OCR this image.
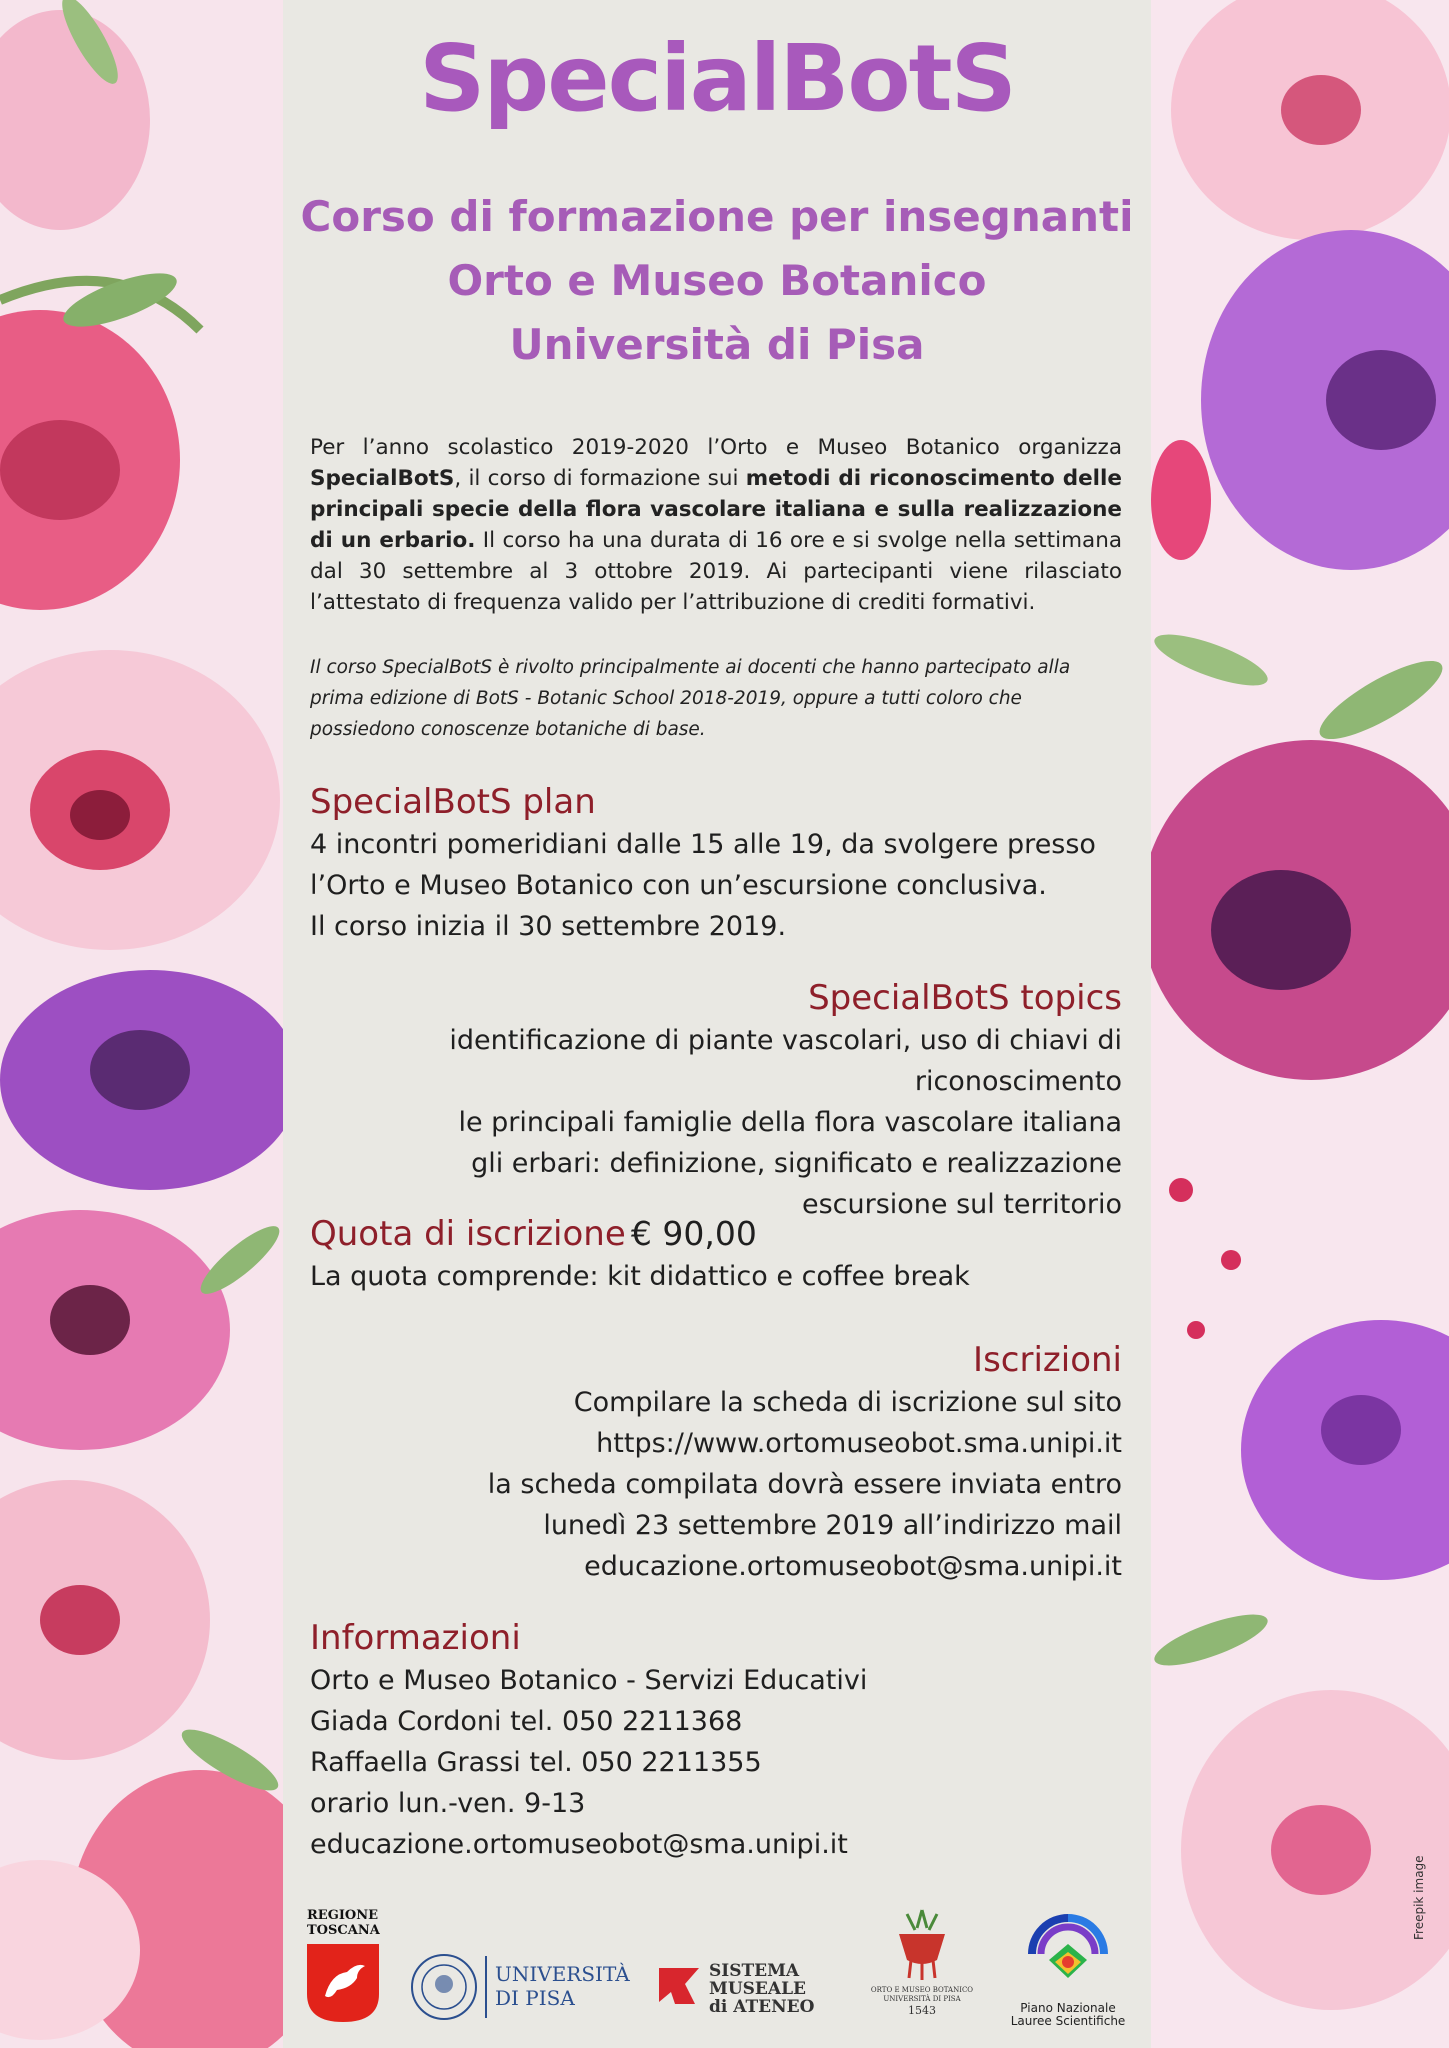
SpecialBotS
Corso di formazione per insegnanti
Orto e Museo Botanico
Università di Pisa
Per l’anno scolastico 2019-2020 l’Orto e Museo Botanico organizza SpecialBotS, il corso di formazione sui metodi di riconoscimento delle principali specie della flora vascolare italiana e sulla realizzazione di un erbario. Il corso ha una durata di 16 ore e si svolge nella settimana dal 30 settembre al 3 ottobre 2019. Ai partecipanti viene rilasciato l’attestato di frequenza valido per l’attribuzione di crediti formativi.
Il corso SpecialBotS è rivolto principalmente ai docenti che hanno partecipato alla prima edizione di BotS - Botanic School 2018-2019, oppure a tutti coloro che possiedono conoscenze botaniche di base.
SpecialBotS plan
4 incontri pomeridiani dalle 15 alle 19, da svolgere presso
l’Orto e Museo Botanico con un’escursione conclusiva.
Il corso inizia il 30 settembre 2019.
SpecialBotS topics
identificazione di piante vascolari, uso di chiavi di riconoscimento
le principali famiglie della flora vascolare italiana
gli erbari: definizione, significato e realizzazione
escursione sul territorio
Quota di iscrizione € 90,00
La quota comprende: kit didattico e coffee break
Iscrizioni
Compilare la scheda di iscrizione sul sito
https://www.ortomuseobot.sma.unipi.it
la scheda compilata dovrà essere inviata entro
lunedì 23 settembre 2019 all’indirizzo mail
educazione.ortomuseobot@sma.unipi.it
Informazioni
Orto e Museo Botanico - Servizi Educativi
Giada Cordoni tel. 050 2211368
Raffaella Grassi tel. 050 2211355
orario lun.-ven. 9-13
educazione.ortomuseobot@sma.unipi.it
REGIONE
TOSCANA
UNIVERSITÀ
DI PISA
SISTEMA
MUSEALE
di ATENEO
ORTO E MUSEO BOTANICO
UNIVERSITÀ DI PISA
1543	Piano Nazionale
Lauree Scientifiche
Freepik image
